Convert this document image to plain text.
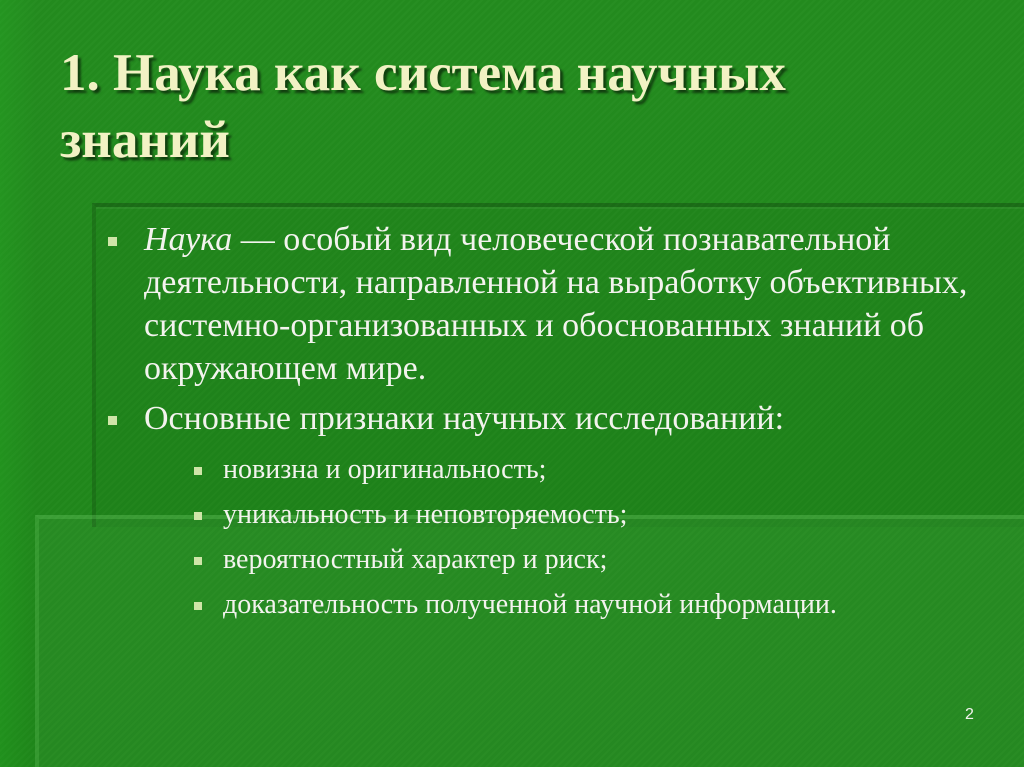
1. Наука как система научных знаний
Наука — особый вид человеческой познавательной деятельности, направленной на выработку объективных, системно-организованных и обоснованных знаний об окружающем мире.
Основные признаки научных исследований:
новизна и оригинальность;
уникальность и неповторяемость;
вероятностный характер и риск;
доказательность полученной научной информации.
2
